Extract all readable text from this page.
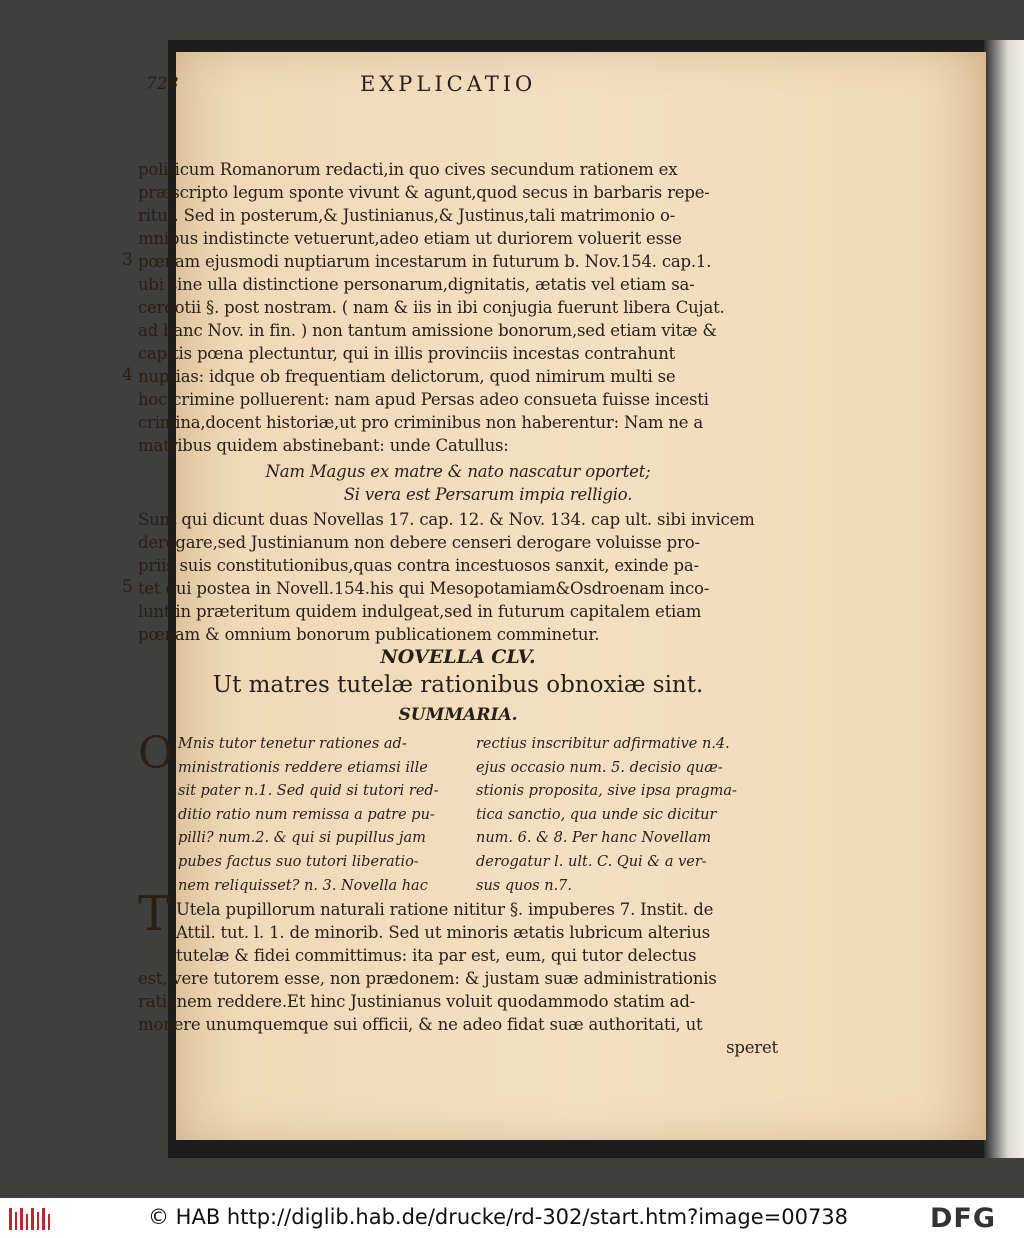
728	EXPLICATIO
politicum Romanorum redacti,in quo cives secundum rationem ex
præscripto legum sponte vivunt & agunt,quod secus in barbaris repe-
ritur. Sed in posterum,& Justinianus,& Justinus,tali matrimonio o-
mnibus indistincte vetuerunt,adeo etiam ut duriorem voluerit esse
pœnam ejusmodi nuptiarum incestarum in futurum b. Nov.154. cap.1.
ubi sine ulla distinctione personarum,dignitatis, ætatis vel etiam sa-
cerdotii §. post nostram. ( nam & iis in ibi conjugia fuerunt libera Cujat.
ad banc Nov. in fin. ) non tantum amissione bonorum,sed etiam vitæ &
capitis pœna plectuntur, qui in illis provinciis incestas contrahunt
nuptias: idque ob frequentiam delictorum, quod nimirum multi se
hoc crimine polluerent: nam apud Persas adeo consueta fuisse incesti
crimina,docent historiæ,ut pro criminibus non haberentur: Nam ne a
matribus quidem abstinebant: unde Catullus:
Nam Magus ex matre & nato nascatur oportet;
Si vera est Persarum impia relligio.
Sunt qui dicunt duas Novellas 17. cap. 12. & Nov. 134. cap ult. sibi invicem
derogare,sed Justinianum non debere censeri derogare voluisse pro-
priis suis constitutionibus,quas contra incestuosos sanxit, exinde pa-
tet qui postea in Novell.154.his qui Mesopotamiam&Osdroenam inco-
3
4
5
NOVELLA CLV.
Ut matres tutelæ rationibus obnoxiæ sint.
SUMMARIA.
O Mnis tutor tenetur rationes ad-
ministrationis reddere etiamsi ille
sit pater n.1. Sed quid si tutori red-
ditio ratio num remissa a patre pu-
pilli? num.2. & qui si pupillus jam
pubes factus suo tutori liberatio-
nem reliquisset? n. 3. Novella hac
rectius inscribitur adfirmative n.4.
ejus occasio num. 5. decisio quæ-
stionis proposita, sive ipsa pragma-
tica sanctio, qua unde sic dicitur
num. 6. & 8. Per hanc Novellam
derogatur l. ult. C. Qui & a ver-
sus quos n.7.
T Utela pupillorum naturali ratione nititur §. impuberes 7. Instit. de
Attil. tut. l. 1. de minorib. Sed ut minoris ætatis lubricum alterius
tutelæ & fidei committimus: ita par est, eum, qui tutor delectus
est, vere tutorem esse, non prædonem: & justam suæ administrationis
rationem reddere.Et hinc Justinianus voluit quodammodo statim ad-
monere unumquemque sui officii, & ne adeo fidat suæ authoritati, ut
speret
lunt,in præteritum quidem indulgeat,sed in futurum capitalem etiam
pœnam & omnium bonorum publicationem comminetur.
© HAB http://diglib.hab.de/drucke/rd-302/start.htm?image=00738	DFG
